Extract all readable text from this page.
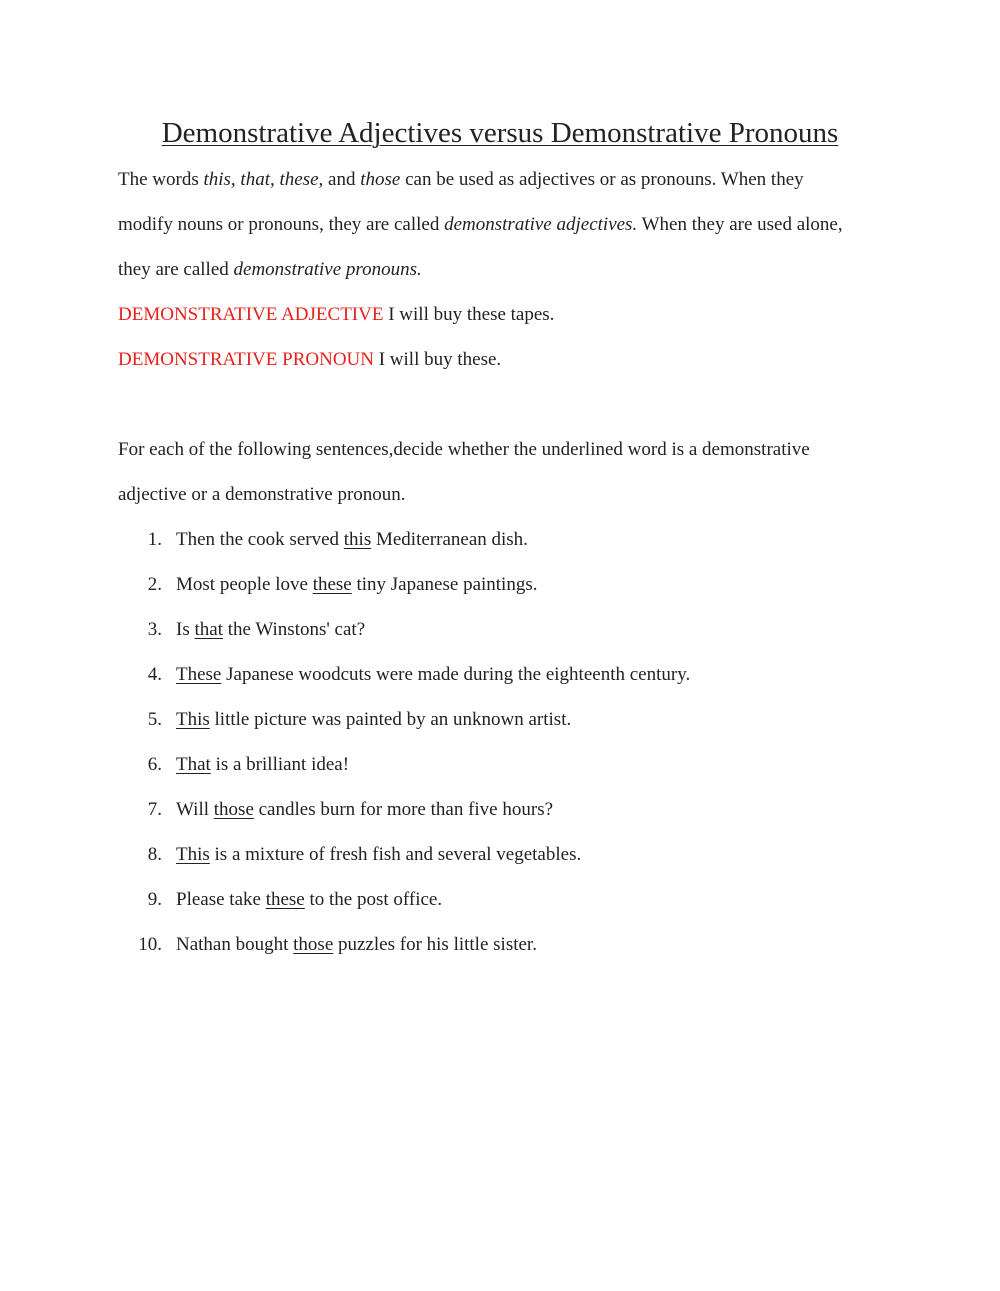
Demonstrative Adjectives versus Demonstrative Pronouns
The words this, that, these, and those can be used as adjectives or as pronouns. When they
modify nouns or pronouns, they are called demonstrative adjectives. When they are used alone,
they are called demonstrative pronouns.
DEMONSTRATIVE ADJECTIVE I will buy these tapes.
DEMONSTRATIVE PRONOUN I will buy these.
For each of the following sentences,decide whether the underlined word is a demonstrative
adjective or a demonstrative pronoun.
1. Then the cook served this Mediterranean dish.
2. Most people love these tiny Japanese paintings.
3. Is that the Winstons' cat?
4. These Japanese woodcuts were made during the eighteenth century.
5. This little picture was painted by an unknown artist.
6. That is a brilliant idea!
7. Will those candles burn for more than five hours?
8. This is a mixture of fresh fish and several vegetables.
9. Please take these to the post office.
10. Nathan bought those puzzles for his little sister.
